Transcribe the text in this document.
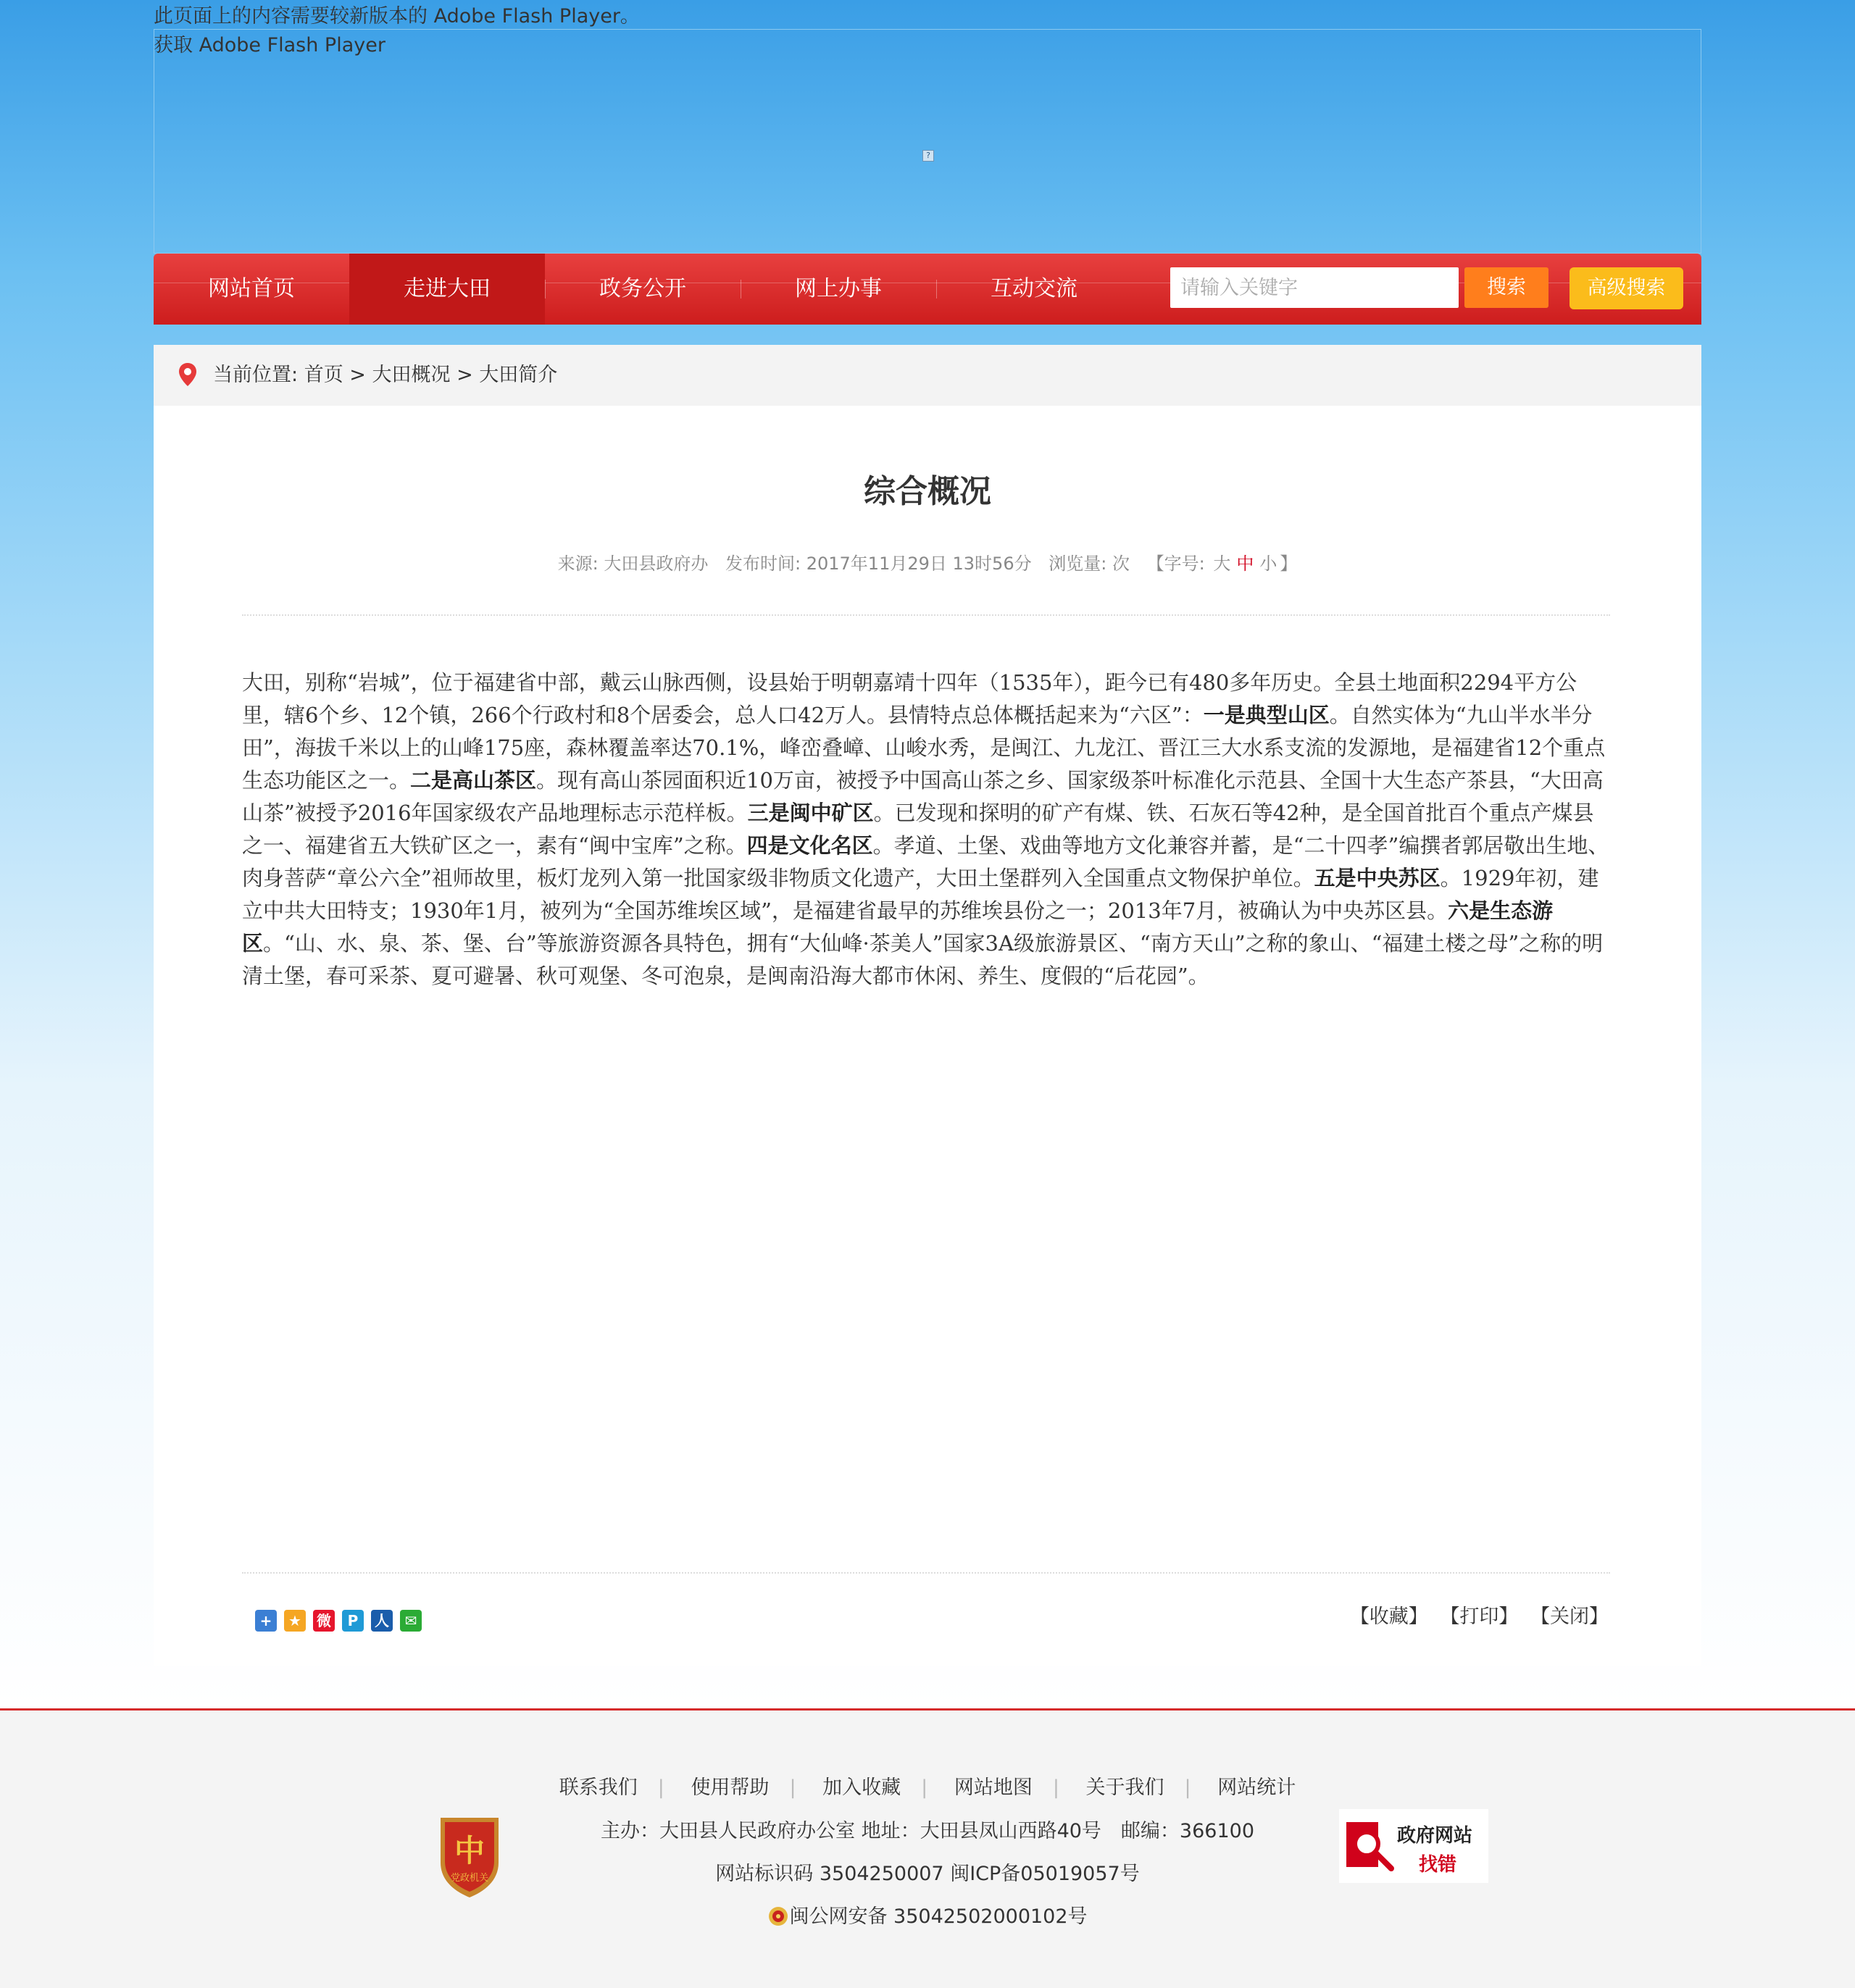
?
此页面上的内容需要较新版本的 Adobe Flash Player。
获取 Adobe Flash Player
网站首页	走进大田	政务公开	网上办事	互动交流
请输入关键字	搜索	高级搜索
当前位置: 首页 > 大田概况 > 大田简介
综合概况
来源: 大田县政府办 发布时间: 2017年11月29日 13时56分 浏览量: 次 【字号: 大 中 小 】
大田，别称“岩城”，位于福建省中部，戴云山脉西侧，设县始于明朝嘉靖十四年（1535年），距今已有480多年历史。全县土地面积2294平方公里，辖6个乡、12个镇，266个行政村和8个居委会，总人口42万人。县情特点总体概括起来为“六区”：一是典型山区。自然实体为“九山半水半分田”，海拔千米以上的山峰175座，森林覆盖率达70.1%，峰峦叠嶂、山峻水秀，是闽江、九龙江、晋江三大水系支流的发源地，是福建省12个重点生态功能区之一。二是高山茶区。现有高山茶园面积近10万亩，被授予中国高山茶之乡、国家级茶叶标准化示范县、全国十大生态产茶县，“大田高山茶”被授予2016年国家级农产品地理标志示范样板。三是闽中矿区。已发现和探明的矿产有煤、铁、石灰石等42种，是全国首批百个重点产煤县之一、福建省五大铁矿区之一，素有“闽中宝库”之称。四是文化名区。孝道、土堡、戏曲等地方文化兼容并蓄，是“二十四孝”编撰者郭居敬出生地、肉身菩萨“章公六全”祖师故里，板灯龙列入第一批国家级非物质文化遗产，大田土堡群列入全国重点文物保护单位。五是中央苏区。1929年初，建立中共大田特支；1930年1月，被列为“全国苏维埃区域”，是福建省最早的苏维埃县份之一；2013年7月，被确认为中央苏区县。六是生态游区。“山、水、泉、茶、堡、台”等旅游资源各具特色，拥有“大仙峰·茶美人”国家3A级旅游景区、“南方天山”之称的象山、“福建土楼之母”之称的明清土堡，春可采茶、夏可避暑、秋可观堡、冬可泡泉，是闽南沿海大都市休闲、养生、度假的“后花园”。
+ ★ 微 P 人 ✉	【收藏】 【打印】 【关闭】
联系我们 | 使用帮助 | 加入收藏 | 网站地图 | 关于我们 | 网站统计
中
党政机关
主办：大田县人民政府办公室 地址：大田县凤山西路40号　邮编：366100
网站标识码 3504250007 闽ICP备05019057号
闽公网安备 35042502000102号
政府网站
找错
